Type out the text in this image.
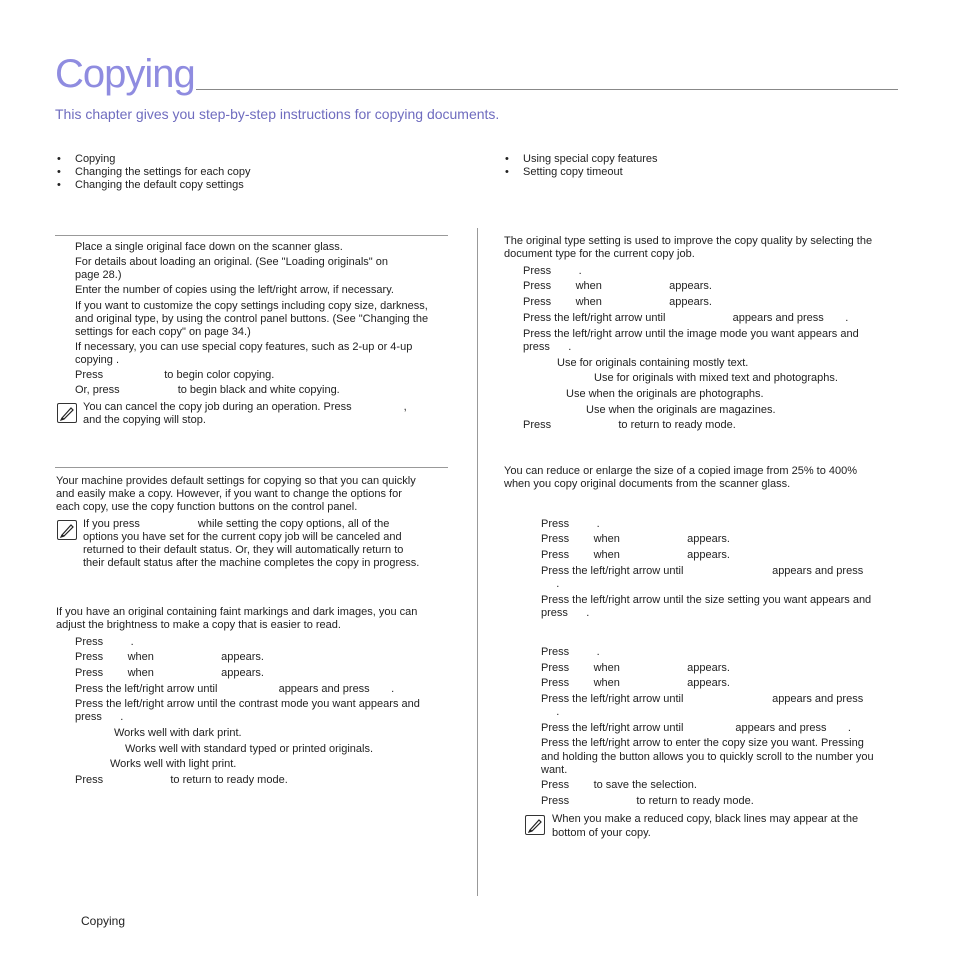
Copying
This chapter gives you step-by-step instructions for copying documents.
• Copying
• Changing the settings for each copy
• Changing the default copy settings
• Using special copy features
• Setting copy timeout
Place a single original face down on the scanner glass.
For details about loading an original. (See "Loading originals" on
page 28.)
Enter the number of copies using the left/right arrow, if necessary.
If you want to customize the copy settings including copy size, darkness,
and original type, by using the control panel buttons. (See "Changing the
settings for each copy" on page 34.)
If necessary, you can use special copy features, such as 2-up or 4-up
copying .
Press                    to begin color copying.
Or, press                   to begin black and white copying.
You can cancel the copy job during an operation. Press                 ,
and the copying will stop.
Your machine provides default settings for copying so that you can quickly
and easily make a copy. However, if you want to change the options for
each copy, use the copy function buttons on the control panel.
If you press                   while setting the copy options, all of the
options you have set for the current copy job will be canceled and
returned to their default status. Or, they will automatically return to
their default status after the machine completes the copy in progress.
If you have an original containing faint markings and dark images, you can
adjust the brightness to make a copy that is easier to read.
Press         .
Press        when                      appears.
Press        when                      appears.
Press the left/right arrow until                    appears and press       .
Press the left/right arrow until the contrast mode you want appears and
press      .
Works well with dark print.
Works well with standard typed or printed originals.
Works well with light print.
Press                      to return to ready mode.
The original type setting is used to improve the copy quality by selecting the
document type for the current copy job.
Press         .
Press        when                      appears.
Press        when                      appears.
Press the left/right arrow until                      appears and press       .
Press the left/right arrow until the image mode you want appears and
press      .
Use for originals containing mostly text.
Use for originals with mixed text and photographs.
Use when the originals are photographs.
Use when the originals are magazines.
Press                      to return to ready mode.
You can reduce or enlarge the size of a copied image from 25% to 400%
when you copy original documents from the scanner glass.
Press         .
Press        when                      appears.
Press        when                      appears.
Press the left/right arrow until                             appears and press
.
Press the left/right arrow until the size setting you want appears and
press      .
Press         .
Press        when                      appears.
Press        when                      appears.
Press the left/right arrow until                             appears and press
.
Press the left/right arrow until                 appears and press       .
Press the left/right arrow to enter the copy size you want. Pressing
and holding the button allows you to quickly scroll to the number you
want.
Press        to save the selection.
Press                      to return to ready mode.
When you make a reduced copy, black lines may appear at the
bottom of your copy.
Copying
